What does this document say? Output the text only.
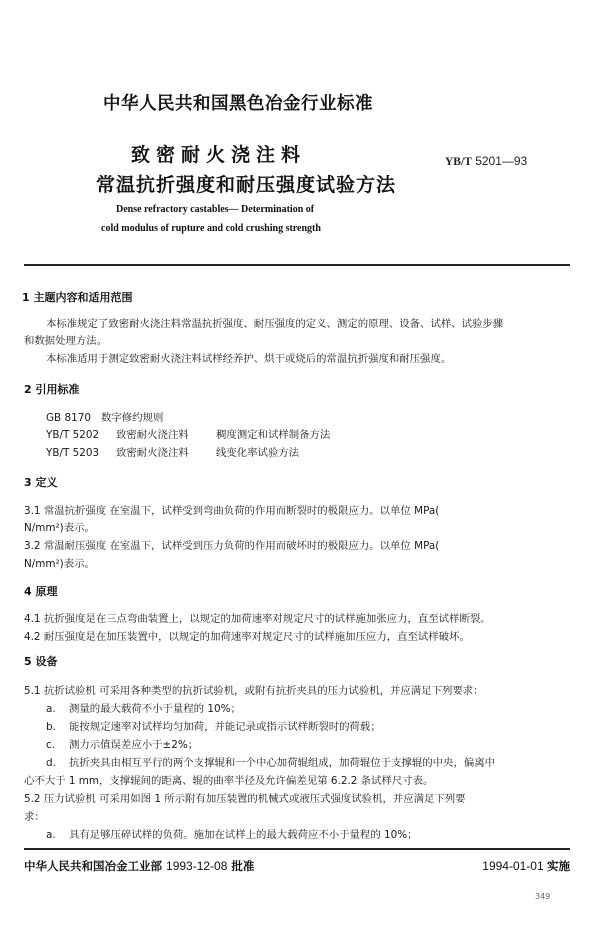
中华人民共和国黑色冶金行业标准
致密耐火浇注料
常温抗折强度和耐压强度试验方法
YB/T 5201—93
Dense refractory castables— Determination of
cold modulus of rupture and cold crushing strength
1 主题内容和适用范围
本标准规定了致密耐火浇注料常温抗折强度、耐压强度的定义、测定的原理、设备、试样、试验步骤
和数据处理方法。
本标准适用于测定致密耐火浇注料试样经养护、烘干或烧后的常温抗折强度和耐压强度。
2 引用标准
GB 8170 数字修约规则
YB/T 5202 致密耐火浇注料	稠度测定和试样制备方法
YB/T 5203 致密耐火浇注料	线变化率试验方法
3 定义
3.1 常温抗折强度 在室温下，试样受到弯曲负荷的作用而断裂时的极限应力。以单位 MPa(
N/mm²)表示。
3.2 常温耐压强度 在室温下，试样受到压力负荷的作用而破坏时的极限应力。以单位 MPa(
N/mm²)表示。
4 原理
4.1 抗折强度是在三点弯曲装置上，以规定的加荷速率对规定尺寸的试样施加张应力，直至试样断裂。
4.2 耐压强度是在加压装置中，以规定的加荷速率对规定尺寸的试样施加压应力，直至试样破坏。
5 设备
5.1 抗折试验机 可采用各种类型的抗折试验机，或附有抗折夹具的压力试验机，并应满足下列要求：
a. 测量的最大载荷不小于量程的 10%；
b. 能按规定速率对试样均匀加荷，并能记录或指示试样断裂时的荷载；
c. 测力示值误差应小于±2%；
d. 抗折夹具由相互平行的两个支撑辊和一个中心加荷辊组成，加荷辊位于支撑辊的中央，偏离中
心不大于 1 mm，支撑辊间的距离、辊的曲率半径及允许偏差见第 6.2.2 条试样尺寸表。
5.2 压力试验机 可采用如图 1 所示附有加压装置的机械式或液压式强度试验机，并应满足下列要
求：
a. 具有足够压碎试样的负荷。施加在试样上的最大载荷应不小于量程的 10%；
中华人民共和国冶金工业部 1993-12-08 批准	1994-01-01 实施
349
